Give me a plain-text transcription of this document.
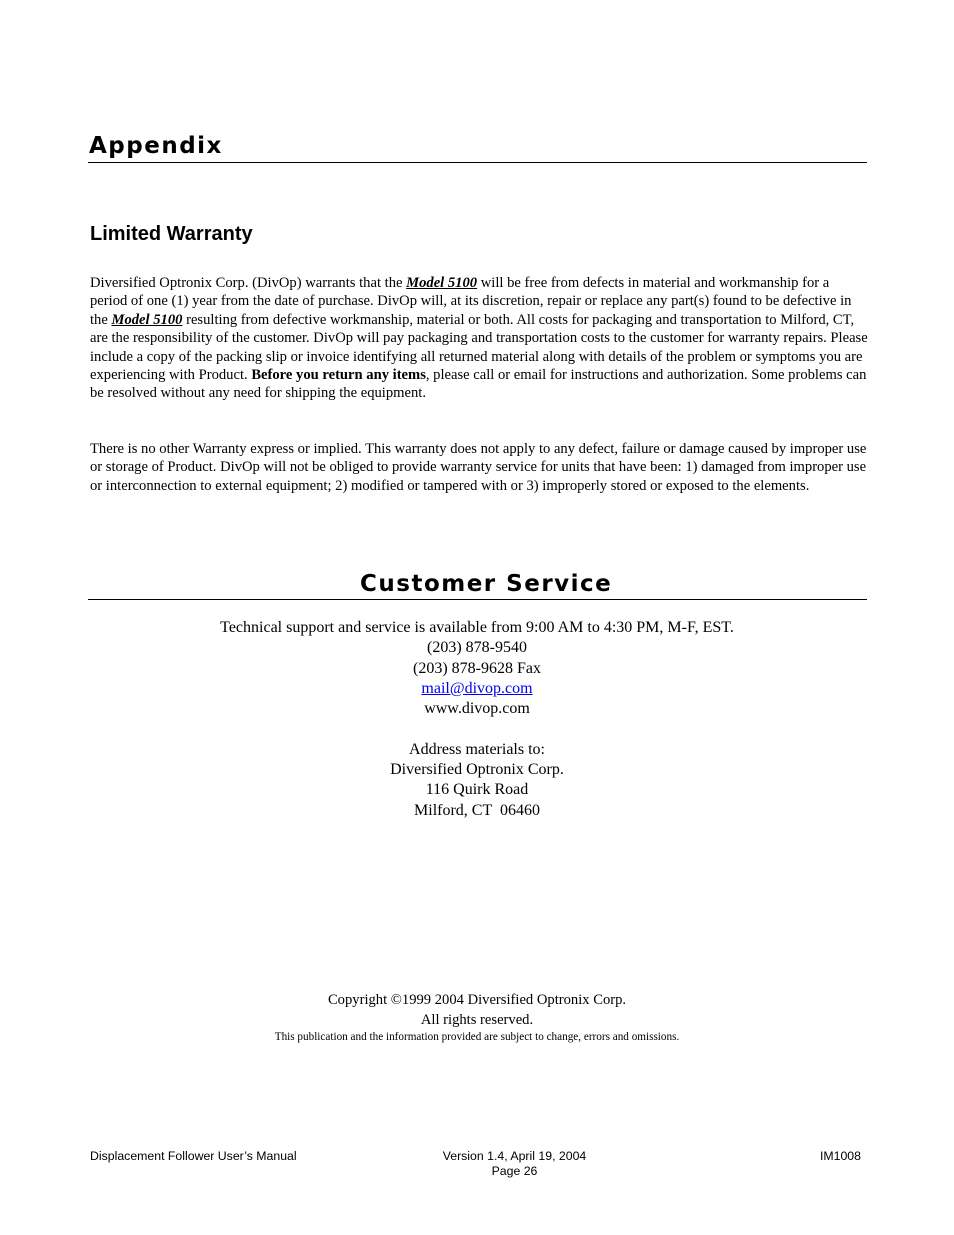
Appendix
Limited Warranty

Diversified Optronix Corp. (DivOp) warrants that the Model 5100 will be free from defects in material and workmanship for a period of one (1) year from the date of purchase. DivOp will, at its discretion, repair or replace any part(s) found to be defective in the Model 5100 resulting from defective workmanship, material or both. All costs for packaging and transportation to Milford, CT, are the responsibility of the customer. DivOp will pay packaging and transportation costs to the customer for warranty repairs. Please include a copy of the packing slip or invoice identifying all returned material along with details of the problem or symptoms you are experiencing with Product. Before you return any items, please call or email for instructions and authorization. Some problems can be resolved without any need for shipping the equipment.

There is no other Warranty express or implied. This warranty does not apply to any defect, failure or damage caused by improper use or storage of Product. DivOp will not be obliged to provide warranty service for units that have been: 1) damaged from improper use or interconnection to external equipment; 2) modified or tampered with or 3) improperly stored or exposed to the elements.

Customer Service
Technical support and service is available from 9:00 AM to 4:30 PM, M-F, EST.
(203) 878-9540
(203) 878-9628 Fax
mail@divop.com
www.divop.com

Address materials to:
Diversified Optronix Corp.
116 Quirk Road
Milford, CT  06460
Copyright ©1999 2004 Diversified Optronix Corp.
All rights reserved.
This publication and the information provided are subject to change, errors and omissions.
Displacement Follower User’s Manual	Version 1.4, April 19, 2004
Page 26
IM1008
